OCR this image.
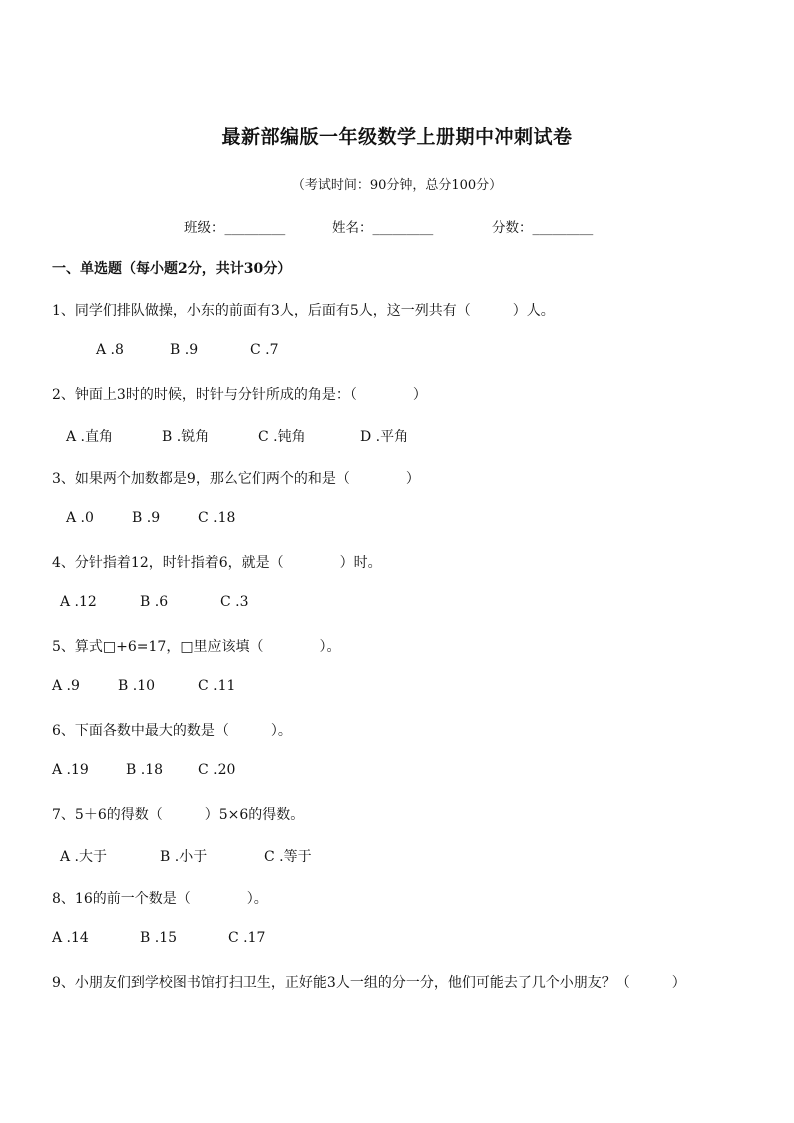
最新部编版一年级数学上册期中冲刺试卷
（考试时间：90分钟，总分100分）
班级：_________	姓名：_________	分数：_________
一、单选题（每小题2分，共计30分）
1、同学们排队做操，小东的前面有3人，后面有5人，这一列共有（　　　）人。
A .8	B .9	C .7
2、钟面上3时的时候，时针与分针所成的角是：（　　　　）
A .直角	B .锐角	C .钝角	D .平角
3、如果两个加数都是9，那么它们两个的和是（　　　　）
A .0	B .9	C .18
4、分针指着12，时针指着6，就是（　　　　）时。
A .12	B .6	C .3
5、算式□+6=17，□里应该填（　　　　）。
A .9	B .10	C .11
6、下面各数中最大的数是（　　　）。
A .19	B .18 C .20
7、5＋6的得数（　　　）5×6的得数。
A .大于	B .小于	C .等于
8、16的前一个数是（　　　　）。
A .14	B .15	C .17
9、小朋友们到学校图书馆打扫卫生，正好能3人一组的分一分，他们可能去了几个小朋友？（　　　）
